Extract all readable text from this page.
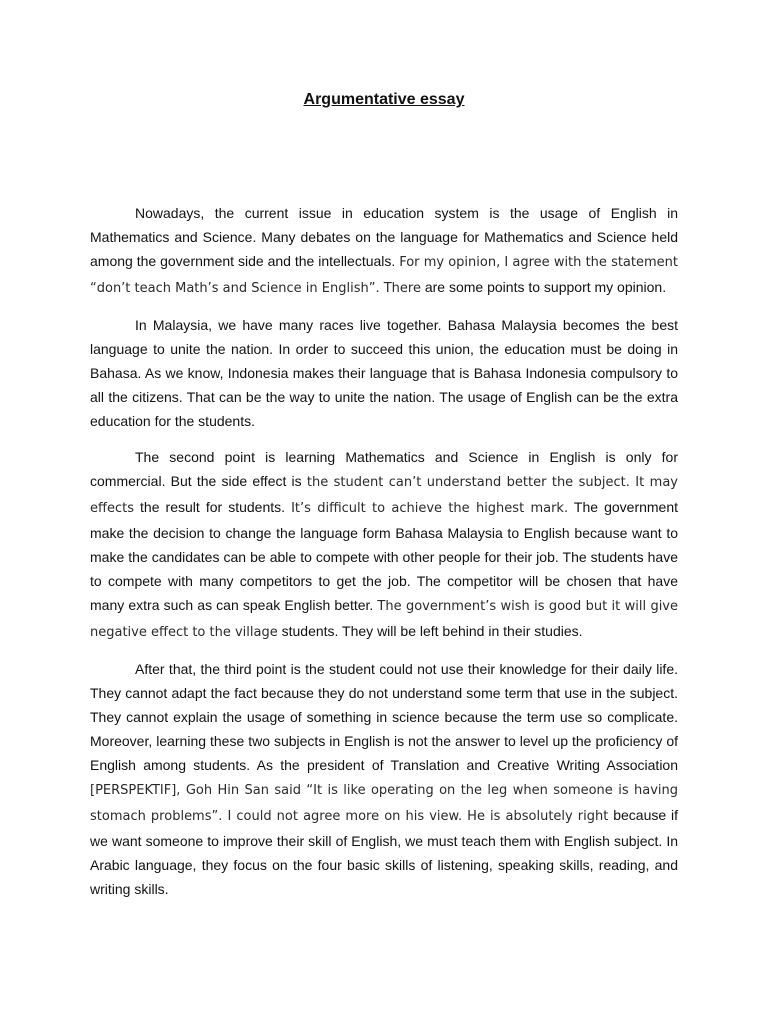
Argumentative essay

Nowadays, the current issue in education system is the usage of English in Mathematics and Science. Many debates on the language for Mathematics and Science held among the government side and the intellectuals. For my opinion, I agree with the statement “don’t teach Math’s and Science in English”. There are some points to support my opinion.

In Malaysia, we have many races live together. Bahasa Malaysia becomes the best language to unite the nation. In order to succeed this union, the education must be doing in Bahasa. As we know, Indonesia makes their language that is Bahasa Indonesia compulsory to all the citizens. That can be the way to unite the nation. The usage of English can be the extra education for the students.

The second point is learning Mathematics and Science in English is only for commercial. But the side effect is the student can’t understand better the subject. It may effects the result for students. It’s difficult to achieve the highest mark. The government make the decision to change the language form Bahasa Malaysia to English because want to make the candidates can be able to compete with other people for their job. The students have to compete with many competitors to get the job. The competitor will be chosen that have many extra such as can speak English better. The government’s wish is good but it will give negative effect to the village students. They will be left behind in their studies.

After that, the third point is the student could not use their knowledge for their daily life. They cannot adapt the fact because they do not understand some term that use in the subject. They cannot explain the usage of something in science because the term use so complicate. Moreover, learning these two subjects in English is not the answer to level up the proficiency of English among students. As the president of Translation and Creative Writing Association [PERSPEKTIF], Goh Hin San said “It is like operating on the leg when someone is having stomach problems”. I could not agree more on his view. He is absolutely right because if we want someone to improve their skill of English, we must teach them with English subject. In Arabic language, they focus on the four basic skills of listening, speaking skills, reading, and writing skills.
